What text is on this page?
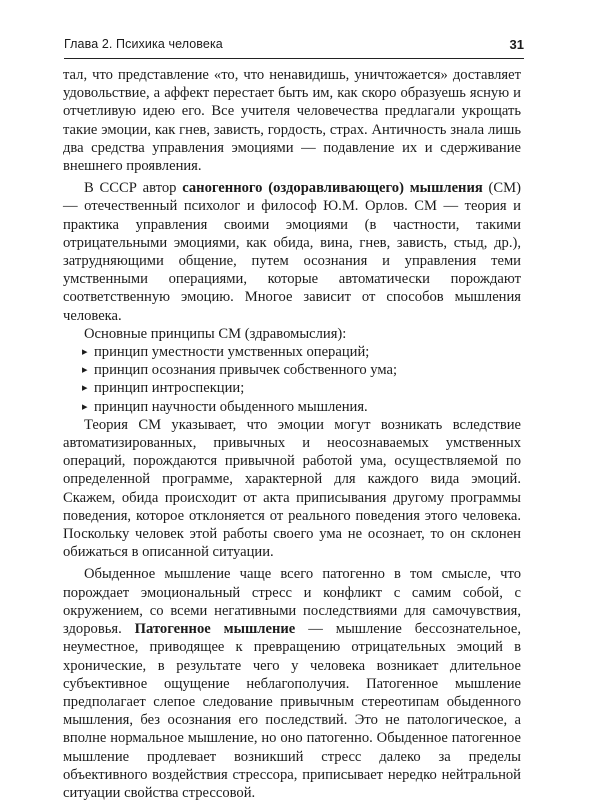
Глава 2. Психика человека	31

тал, что представление «то, что ненавидишь, уничтожается» доставляет удовольствие, а аффект перестает быть им, как скоро образуешь ясную и отчетливую идею его. Все учителя человечества предлагали укрощать такие эмоции, как гнев, зависть, гордость, страх. Античность знала лишь два средства управления эмоциями — подавление их и сдерживание внешнего проявления.

В СССР автор саногенного (оздоравливающего) мышления (СМ) — отечественный психолог и философ Ю.М. Орлов. СМ — теория и практика управления своими эмоциями (в частности, такими отрицательными эмоциями, как обида, вина, гнев, зависть, стыд, др.), затрудняющими общение, путем осознания и управления теми умственными операциями, которые автоматически порождают соответственную эмоцию. Многое зависит от способов мышления человека.

Основные принципы СМ (здравомыслия):

▸ принцип уместности умственных операций;
▸ принцип осознания привычек собственного ума;
▸ принцип интроспекции;
▸ принцип научности обыденного мышления.

Теория СМ указывает, что эмоции могут возникать вследствие автоматизированных, привычных и неосознаваемых умственных операций, порождаются привычной работой ума, осуществляемой по определенной программе, характерной для каждого вида эмоций. Скажем, обида происходит от акта приписывания другому программы поведения, которое отклоняется от реального поведения этого человека. Поскольку человек этой работы своего ума не осознает, то он склонен обижаться в описанной ситуации.

Обыденное мышление чаще всего патогенно в том смысле, что порождает эмоциональный стресс и конфликт с самим собой, с окружением, со всеми негативными последствиями для самочувствия, здоровья. Патогенное мышление — мышление бессознательное, неуместное, приводящее к превращению отрицательных эмоций в хронические, в результате чего у человека возникает длительное субъективное ощущение неблагополучия. Патогенное мышление предполагает слепое следование привычным стереотипам обыденного мышления, без осознания его последствий. Это не патологическое, а вполне нормальное мышление, но оно патогенно. Обыденное патогенное мышление продлевает возникший стресс далеко за пределы объективного воздействия стрессора, приписывает нередко нейтральной ситуации свойства стрессовой.
